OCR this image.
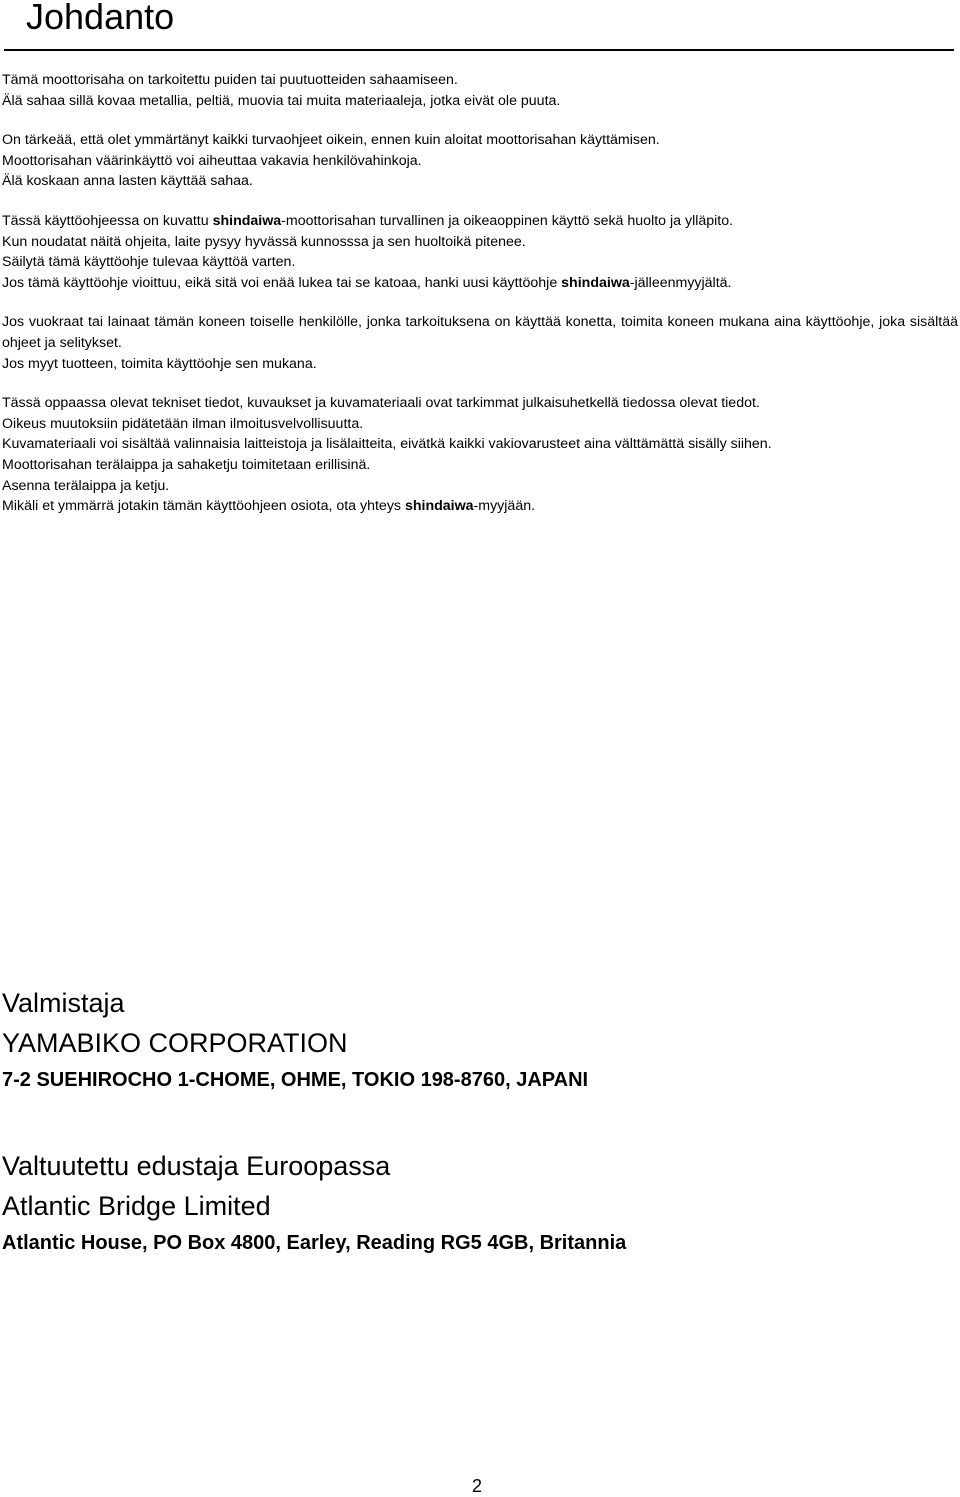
Johdanto

Tämä moottorisaha on tarkoitettu puiden tai puutuotteiden sahaamiseen.
Älä sahaa sillä kovaa metallia, peltiä, muovia tai muita materiaaleja, jotka eivät ole puuta.

On tärkeää, että olet ymmärtänyt kaikki turvaohjeet oikein, ennen kuin aloitat moottorisahan käyttämisen.
Moottorisahan väärinkäyttö voi aiheuttaa vakavia henkilövahinkoja.
Älä koskaan anna lasten käyttää sahaa.

Tässä käyttöohjeessa on kuvattu shindaiwa-moottorisahan turvallinen ja oikeaoppinen käyttö sekä huolto ja ylläpito.
Kun noudatat näitä ohjeita, laite pysyy hyvässä kunnosssa ja sen huoltoikä pitenee.
Säilytä tämä käyttöohje tulevaa käyttöä varten.
Jos tämä käyttöohje vioittuu, eikä sitä voi enää lukea tai se katoaa, hanki uusi käyttöohje shindaiwa-jälleenmyyjältä.

Jos vuokraat tai lainaat tämän koneen toiselle henkilölle, jonka tarkoituksena on käyttää konetta, toimita koneen mukana aina käyttöohje, joka sisältää ohjeet ja selitykset.
Jos myyt tuotteen, toimita käyttöohje sen mukana.

Tässä oppaassa olevat tekniset tiedot, kuvaukset ja kuvamateriaali ovat tarkimmat julkaisuhetkellä tiedossa olevat tiedot.
Oikeus muutoksiin pidätetään ilman ilmoitusvelvollisuutta.
Kuvamateriaali voi sisältää valinnaisia laitteistoja ja lisälaitteita, eivätkä kaikki vakiovarusteet aina välttämättä sisälly siihen.
Moottorisahan terälaippa ja sahaketju toimitetaan erillisinä.
Asenna terälaippa ja ketju.
Mikäli et ymmärrä jotakin tämän käyttöohjeen osiota, ota yhteys shindaiwa-myyjään.

Valmistaja
YAMABIKO CORPORATION
7-2 SUEHIROCHO 1-CHOME, OHME, TOKIO 198-8760, JAPANI
Valtuutettu edustaja Euroopassa
Atlantic Bridge Limited
Atlantic House, PO Box 4800, Earley, Reading RG5 4GB, Britannia
2
